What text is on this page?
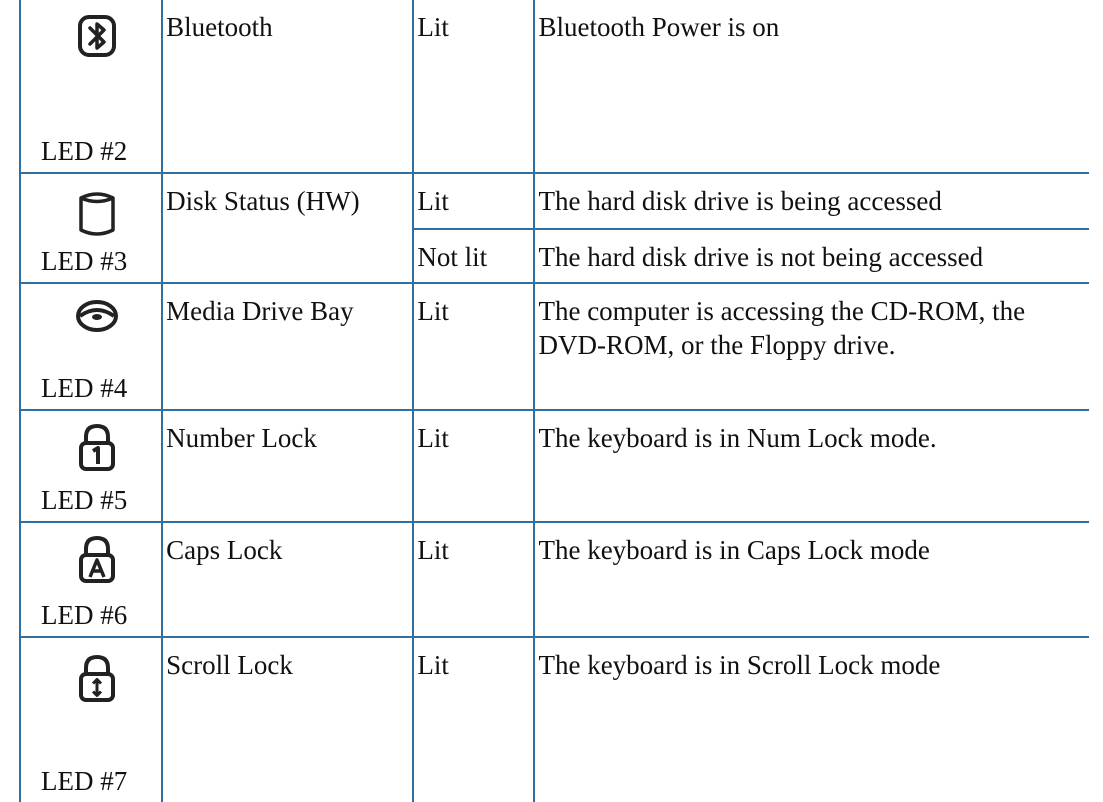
LED #2	Bluetooth	Lit	Bluetooth Power is on

LED #3	Disk Status (HW)	Lit	The hard disk drive is being accessed
		Not lit	The hard disk drive is not being accessed

LED #4	Media Drive Bay	Lit	The computer is accessing the CD-ROM, the DVD-ROM, or the Floppy drive.

LED #5	Number Lock	Lit	The keyboard is in Num Lock mode.

LED #6	Caps Lock	Lit	The keyboard is in Caps Lock mode

LED #7	Scroll Lock	Lit	The keyboard is in Scroll Lock mode
